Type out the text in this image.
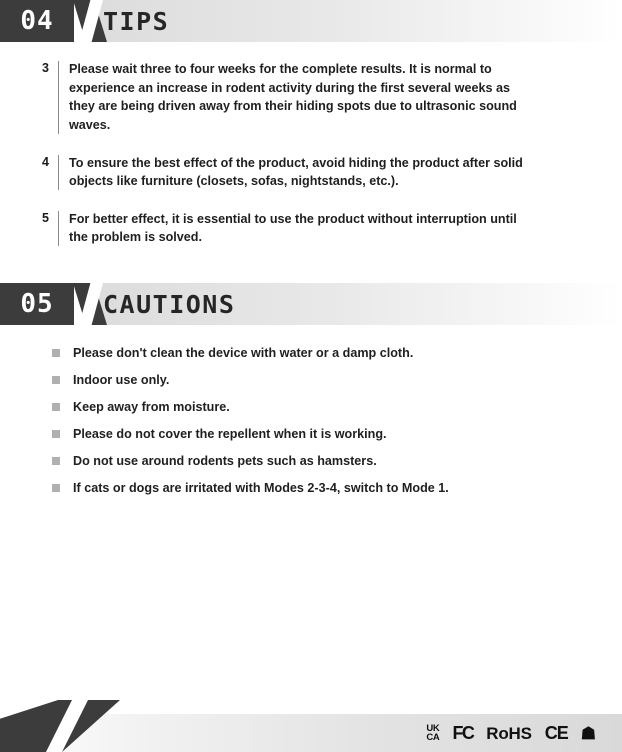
04	TIPS
3 Please wait three to four weeks for the complete results. It is normal to experience an increase in rodent activity during the first several weeks as they are being driven away from their hiding spots due to ultrasonic sound waves.
4 To ensure the best effect of the product, avoid hiding the product after solid objects like furniture (closets, sofas, nightstands, etc.).
5 For better effect, it is essential to use the product without interruption until the problem is solved.
05	CAUTIONS
Please don't clean the device with water or a damp cloth.
Indoor use only.
Keep away from moisture.
Please do not cover the repellent when it is working.
Do not use around rodents pets such as hamsters.
If cats or dogs are irritated with Modes 2-3-4, switch to Mode 1.
UK
CA FC RoHS CE ☗
